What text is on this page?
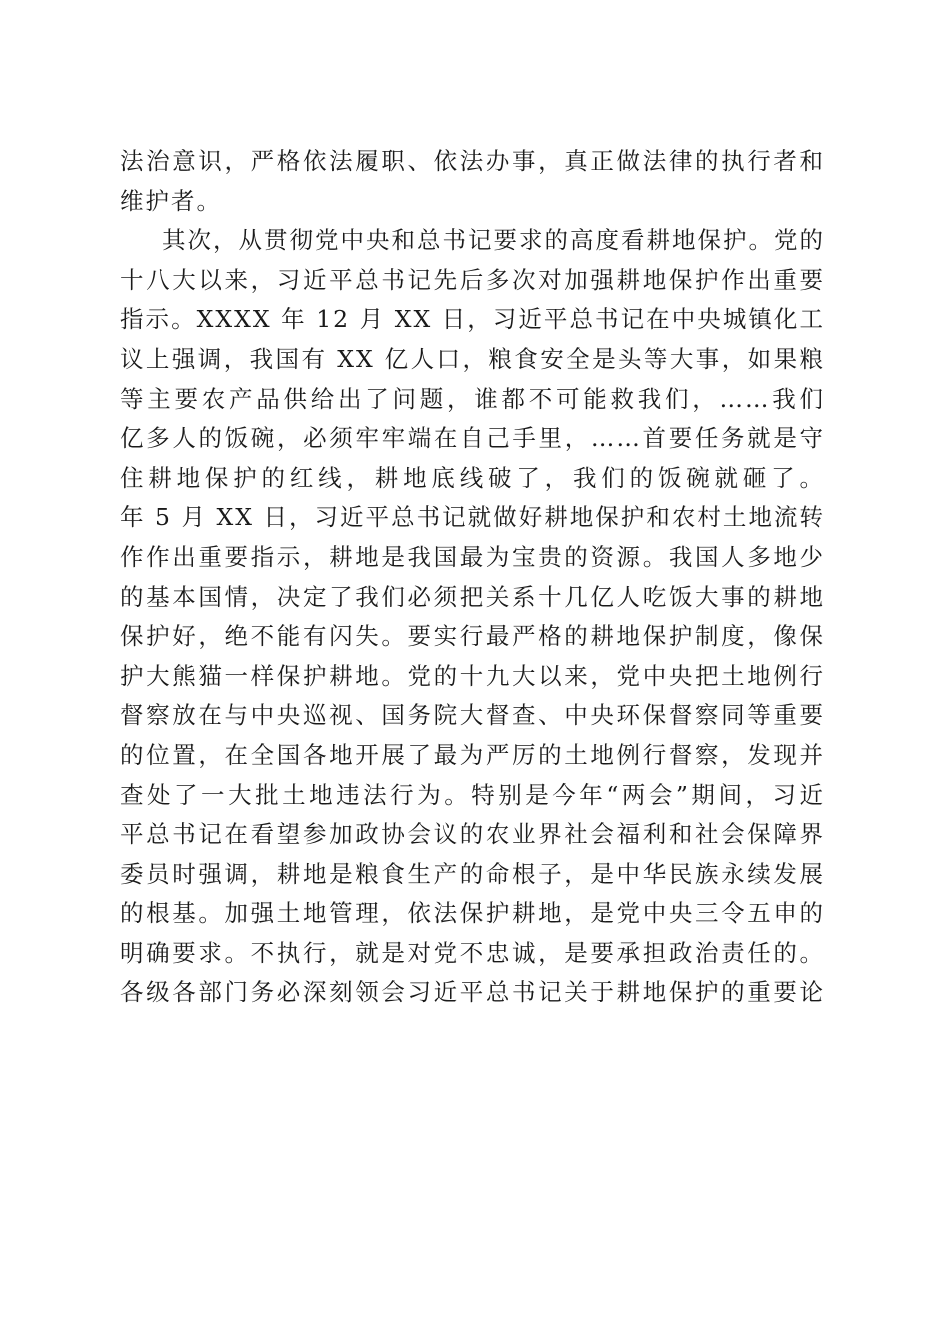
法治意识，严格依法履职、依法办事，真正做法律的执行者和
维护者。
其次，从贯彻党中央和总书记要求的高度看耕地保护。党的
十八大以来，习近平总书记先后多次对加强耕地保护作出重要
指示。XXXX 年 12 月 XX 日，习近平总书记在中央城镇化工
议上强调，我国有 XX 亿人口，粮食安全是头等大事，如果粮
等主要农产品供给出了问题，谁都不可能救我们，……我们
亿多人的饭碗，必须牢牢端在自己手里，……首要任务就是守
住耕地保护的红线，耕地底线破了，我们的饭碗就砸了。
年 5 月 XX 日，习近平总书记就做好耕地保护和农村土地流转
作作出重要指示，耕地是我国最为宝贵的资源。我国人多地少
的基本国情，决定了我们必须把关系十几亿人吃饭大事的耕地
保护好，绝不能有闪失。要实行最严格的耕地保护制度，像保
护大熊猫一样保护耕地。党的十九大以来，党中央把土地例行
督察放在与中央巡视、国务院大督查、中央环保督察同等重要
的位置，在全国各地开展了最为严厉的土地例行督察，发现并
查处了一大批土地违法行为。特别是今年“两会”期间，习近
平总书记在看望参加政协会议的农业界社会福利和社会保障界
委员时强调，耕地是粮食生产的命根子，是中华民族永续发展
的根基。加强土地管理，依法保护耕地，是党中央三令五申的
明确要求。不执行，就是对党不忠诚，是要承担政治责任的。
各级各部门务必深刻领会习近平总书记关于耕地保护的重要论
